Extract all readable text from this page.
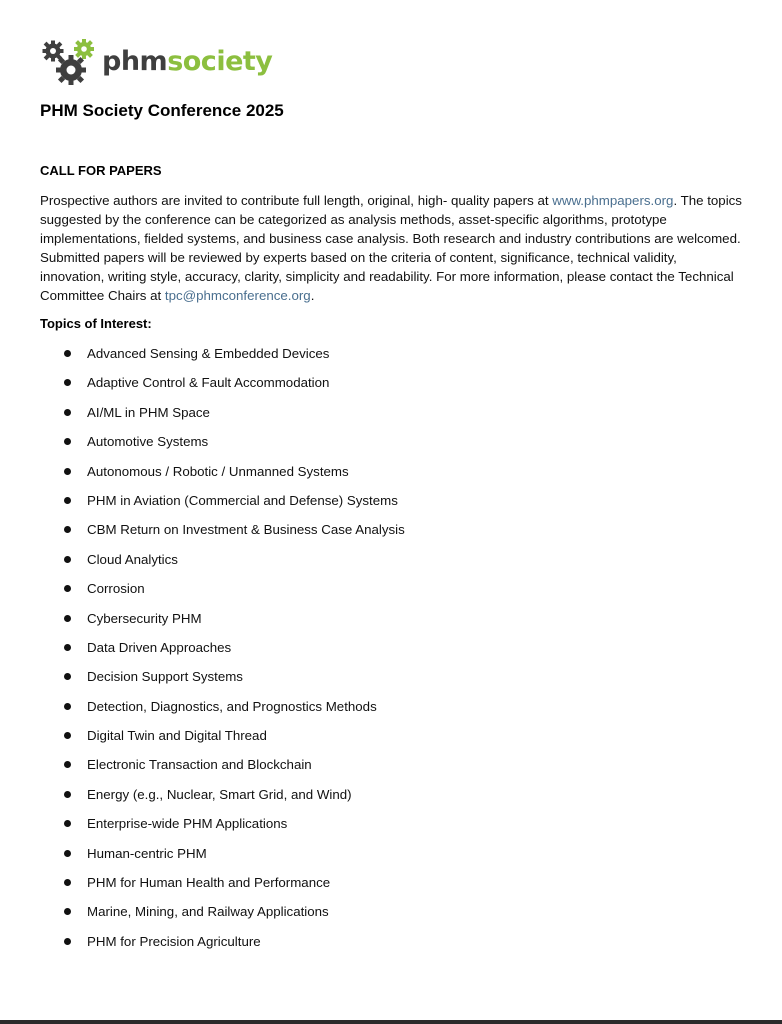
phmsociety
PHM Society Conference 2025
CALL FOR PAPERS

Prospective authors are invited to contribute full length, original, high- quality papers at www.phmpapers.org. The topics suggested by the conference can be categorized as analysis methods, asset-specific algorithms, prototype implementations, fielded systems, and business case analysis. Both research and industry contributions are welcomed. Submitted papers will be reviewed by experts based on the criteria of content, significance, technical validity, innovation, writing style, accuracy, clarity, simplicity and readability. For more information, please contact the Technical Committee Chairs at tpc@phmconference.org.

Topics of Interest:
Advanced Sensing & Embedded Devices
Adaptive Control & Fault Accommodation
AI/ML in PHM Space
Automotive Systems
Autonomous / Robotic / Unmanned Systems
PHM in Aviation (Commercial and Defense) Systems
CBM Return on Investment & Business Case Analysis
Cloud Analytics
Corrosion
Cybersecurity PHM
Data Driven Approaches
Decision Support Systems
Detection, Diagnostics, and Prognostics Methods
Digital Twin and Digital Thread
Electronic Transaction and Blockchain
Energy (e.g., Nuclear, Smart Grid, and Wind)
Enterprise-wide PHM Applications
Human-centric PHM
PHM for Human Health and Performance
Marine, Mining, and Railway Applications
PHM for Precision Agriculture
